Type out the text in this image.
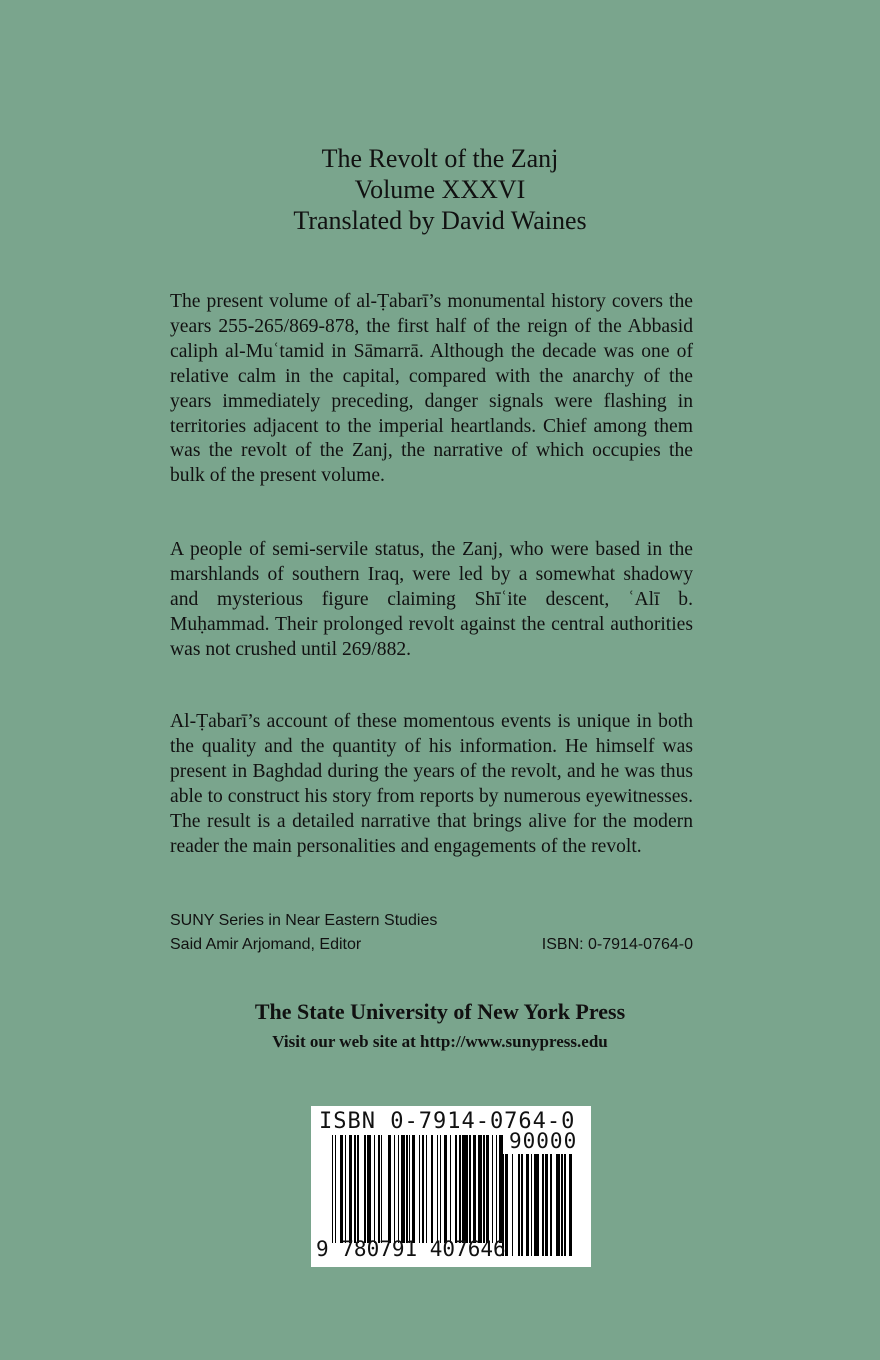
The Revolt of the Zanj
Volume XXXVI
Translated by David Waines

The present volume of al-Ṭabarī’s monumental history covers the years 255-265/869-878, the first half of the reign of the Abbasid caliph al-Muʿtamid in Sāmarrā. Although the decade was one of relative calm in the capital, compared with the anarchy of the years immediately preceding, danger signals were flashing in territories adjacent to the imperial heartlands. Chief among them was the revolt of the Zanj, the narrative of which occupies the bulk of the present volume.

A people of semi-servile status, the Zanj, who were based in the marshlands of southern Iraq, were led by a somewhat shadowy and mysterious figure claiming Shīʿite descent, ʿAlī b. Muḥammad. Their prolonged revolt against the central authorities was not crushed until 269/882.

Al-Ṭabarī’s account of these momentous events is unique in both the quality and the quantity of his information. He himself was present in Baghdad during the years of the revolt, and he was thus able to construct his story from reports by numerous eyewitnesses. The result is a detailed narrative that brings alive for the modern reader the main personalities and engagements of the revolt.

SUNY Series in Near Eastern Studies
Said Amir Arjomand, Editor	ISBN: 0-7914-0764-0
The State University of New York Press
Visit our web site at http://www.sunypress.edu
ISBN 0-7914-0764-0
90000
9 780791 407646
